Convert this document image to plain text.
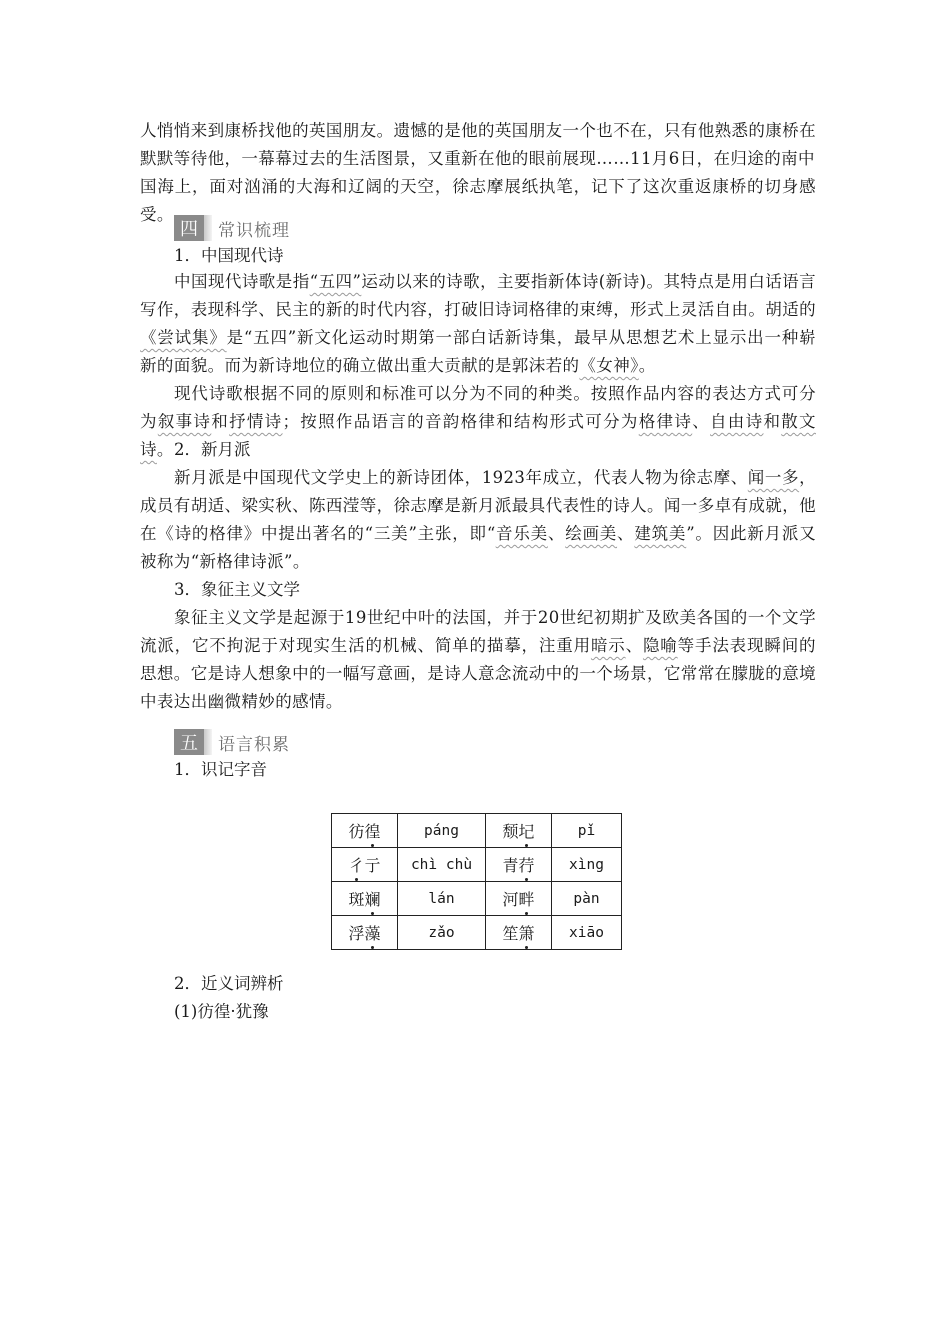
人悄悄来到康桥找他的英国朋友。遗憾的是他的英国朋友一个也不在，只有他熟悉的康桥在
默默等待他，一幕幕过去的生活图景，又重新在他的眼前展现……11月6日，在归途的南中
国海上，面对汹涌的大海和辽阔的天空，徐志摩展纸执笔，记下了这次重返康桥的切身感受。

四	常识梳理

1．中国现代诗

中国现代诗歌是指“五四”运动以来的诗歌，主要指新体诗(新诗)。其特点是用白话语言写作，表现科学、民主的新的时代内容，打破旧诗词格律的束缚，形式上灵活自由。胡适的《尝试集》是“五四”新文化运动时期第一部白话新诗集，最早从思想艺术上显示出一种崭新的面貌。而为新诗地位的确立做出重大贡献的是郭沫若的《女神》。

现代诗歌根据不同的原则和标准可以分为不同的种类。按照作品内容的表达方式可分为叙事诗和抒情诗；按照作品语言的音韵格律和结构形式可分为格律诗、自由诗和散文诗。 2．新月派

新月派是中国现代文学史上的新诗团体，1923年成立，代表人物为徐志摩、闻一多，成员有胡适、梁实秋、陈西滢等，徐志摩是新月派最具代表性的诗人。闻一多卓有成就，他在《诗的格律》中提出著名的“三美”主张，即“音乐美、绘画美、建筑美”。因此新月派又被称为“新格律诗派”。

3．象征主义文学

象征主义文学是起源于19世纪中叶的法国，并于20世纪初期扩及欧美各国的一个文学流派，它不拘泥于对现实生活的机械、简单的描摹，注重用暗示、隐喻等手法表现瞬间的思想。它是诗人想象中的一幅写意画，是诗人意念流动中的一个场景，它常常在朦胧的意境中表达出幽微精妙的感情。

五	语言积累

1．识记字音

彷徨	páng	颓圮	pǐ
彳亍	chì chù	青荇	xìng
斑斓	lán	河畔	pàn
浮藻	zǎo	笙箫	xiāo

2．近义词辨析

(1)彷徨·犹豫
